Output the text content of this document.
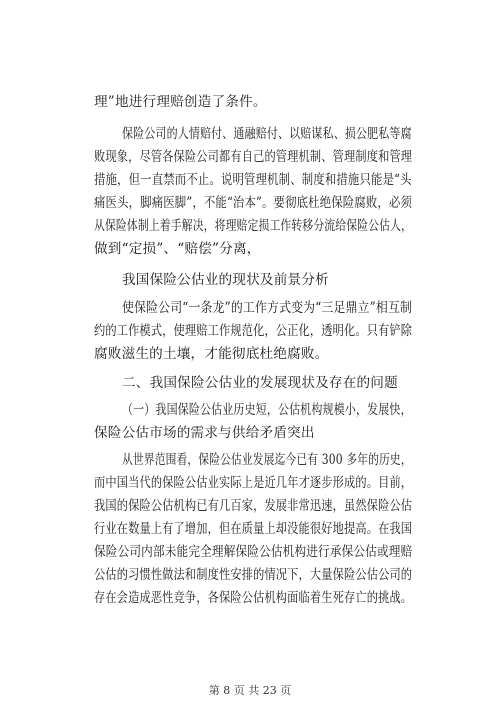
理”地进行理赔创造了条件。
保险公司的人情赔付、通融赔付、以赔谋私、损公肥私等腐
败现象，尽管各保险公司都有自己的管理机制、管理制度和管理
措施，但一直禁而不止。说明管理机制、制度和措施只能是“头
痛医头，脚痛医脚”，不能“治本”。要彻底杜绝保险腐败，必须
从保险体制上着手解决，将理赔定损工作转移分流给保险公估人，
做到“定损”、“赔偿”分离，
我国保险公估业的现状及前景分析
使保险公司“一条龙”的工作方式变为“三足鼎立”相互制
约的工作模式，使理赔工作规范化，公正化，透明化。只有铲除
腐败滋生的土壤，才能彻底杜绝腐败。
二、我国保险公估业的发展现状及存在的问题
（一）我国保险公估业历史短，公估机构规模小，发展快，
保险公估市场的需求与供给矛盾突出
从世界范围看，保险公估业发展迄今已有 300 多年的历史，
而中国当代的保险公估业实际上是近几年才逐步形成的。目前，
我国的保险公估机构已有几百家，发展非常迅速，虽然保险公估
行业在数量上有了增加，但在质量上却没能很好地提高。在我国
保险公司内部未能完全理解保险公估机构进行承保公估或理赔
公估的习惯性做法和制度性安排的情况下，大量保险公估公司的
存在会造成恶性竞争，各保险公估机构面临着生死存亡的挑战。
第 8 页 共 23 页
